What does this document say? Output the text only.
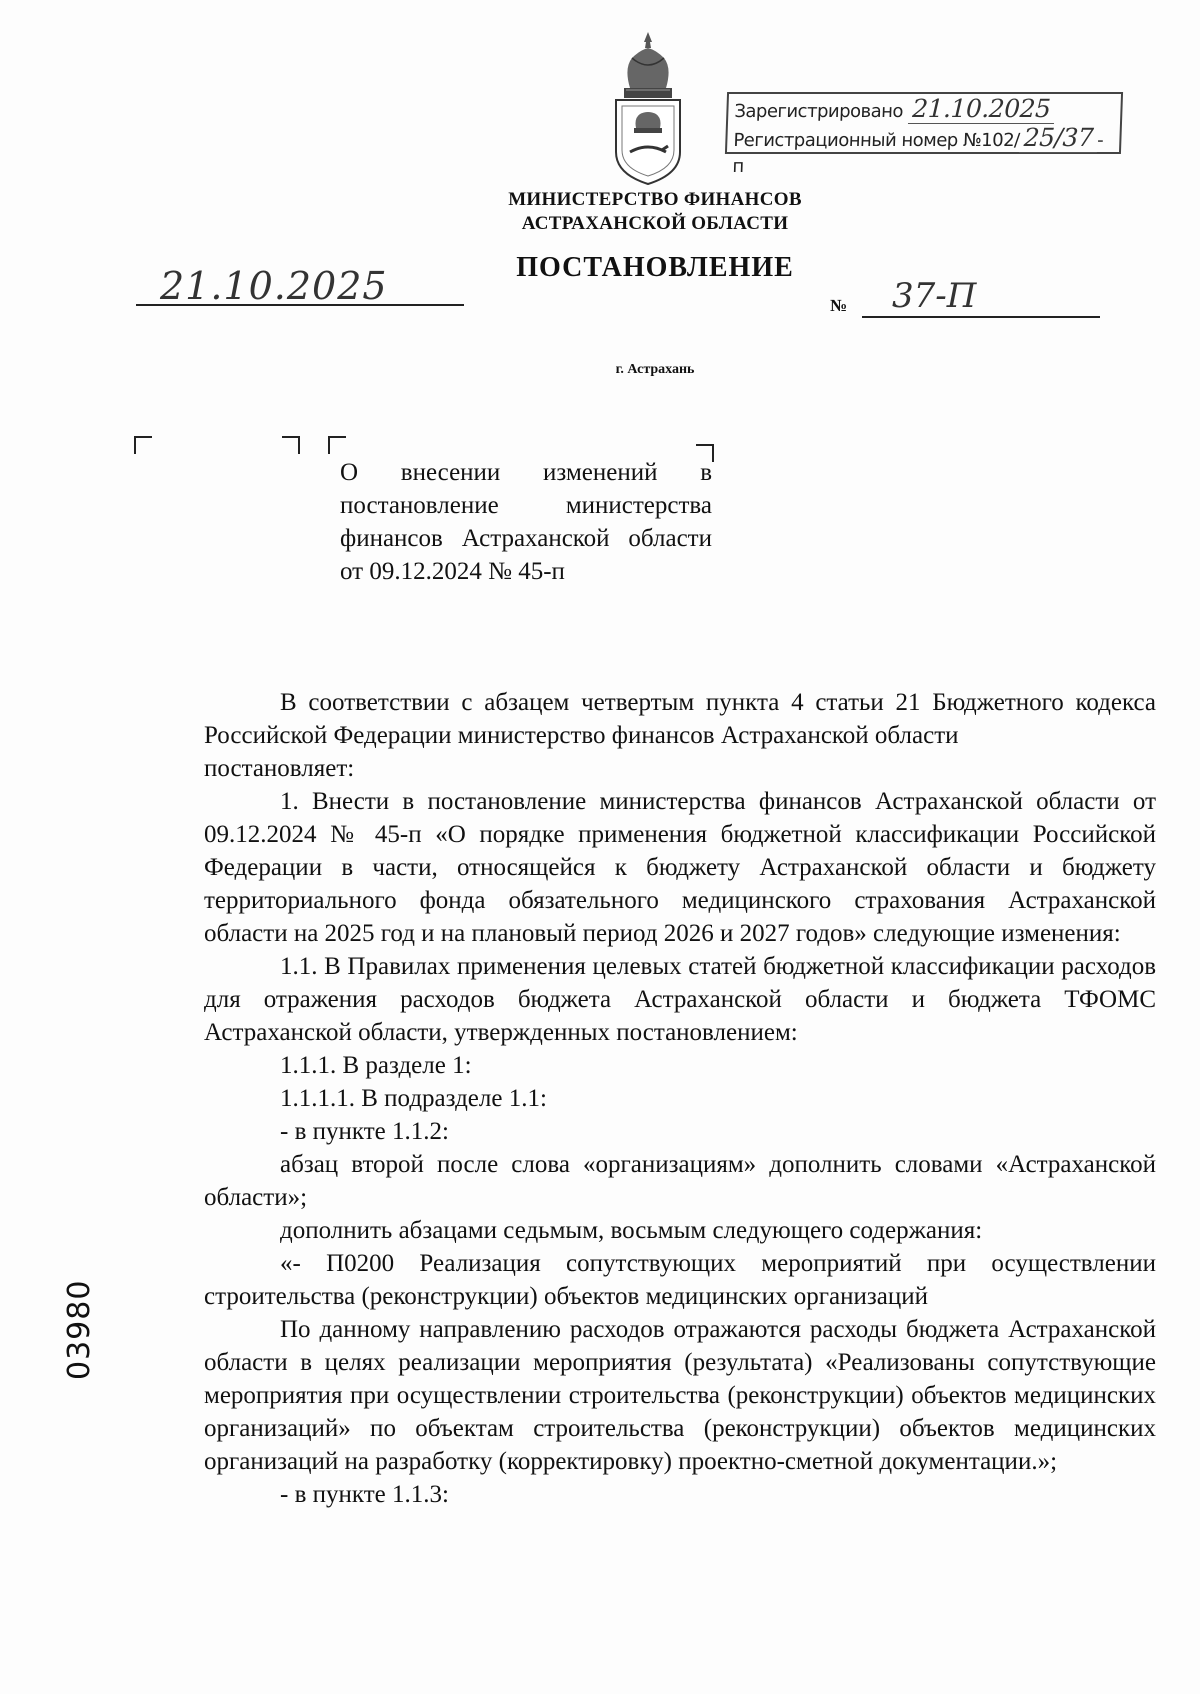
Зарегистрировано 21.10.2025
Регистрационный номер №102/ 25/37 -п
МИНИСТЕРСТВО ФИНАНСОВ
АСТРАХАНСКОЙ ОБЛАСТИ
ПОСТАНОВЛЕНИЕ
21.10.2025	№ 37-П
г. Астрахань
О внесении изменений в постановление министерства финансов Астраханской области от 09.12.2024 № 45-п

В соответствии с абзацем четвертым пункта 4 статьи 21 Бюджетного кодекса Российской Федерации министерство финансов Астраханской области

постановляет:

1. Внести в постановление министерства финансов Астраханской области от 09.12.2024 № 45-п «О порядке применения бюджетной классификации Российской Федерации в части, относящейся к бюджету Астраханской области и бюджету территориального фонда обязательного медицинского страхования Астраханской области на 2025 год и на плановый период 2026 и 2027 годов» следующие изменения:

1.1. В Правилах применения целевых статей бюджетной классификации расходов для отражения расходов бюджета Астраханской области и бюджета ТФОМС Астраханской области, утвержденных постановлением:

1.1.1. В разделе 1:

1.1.1.1. В подразделе 1.1:

- в пункте 1.1.2:

абзац второй после слова «организациям» дополнить словами «Астраханской области»;

дополнить абзацами седьмым, восьмым следующего содержания:

«- П0200 Реализация сопутствующих мероприятий при осуществлении строительства (реконструкции) объектов медицинских организаций

По данному направлению расходов отражаются расходы бюджета Астраханской области в целях реализации мероприятия (результата) «Реализованы сопутствующие мероприятия при осуществлении строительства (реконструкции) объектов медицинских организаций» по объектам строительства (реконструкции) объектов медицинских организаций на разработку (корректировку) проектно-сметной документации.»;

- в пункте 1.1.3:

03980
